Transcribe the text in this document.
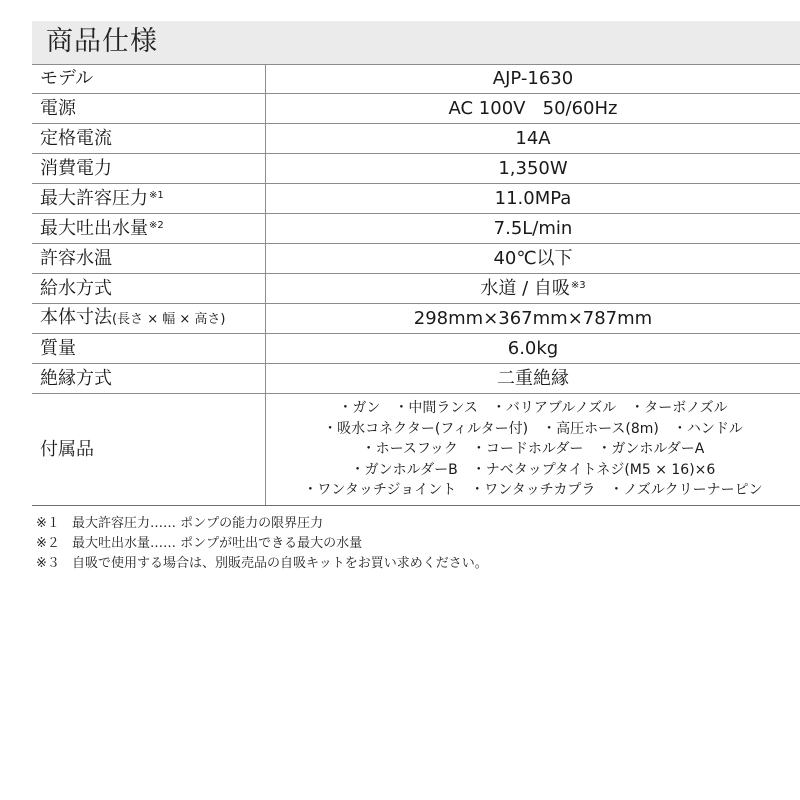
商品仕様
モデル	AJP-1630
電源	AC 100V   50/60Hz
定格電流	14A
消費電力	1,350W
最大許容圧力$^{※1}$	11.0MPa
最大吐出水量$^{※2}$	7.5L/min
許容水温	40℃以下
給水方式	水道 / 自吸$^{※3}$
本体寸法(長さ × 幅 × 高さ)	298mm×367mm×787mm
質量	6.0kg
絶縁方式	二重絶縁
付属品	・ガン　・中間ランス　・バリアブルノズル　・ターボノズル
・吸水コネクター(フィルター付)　・高圧ホース(8m)　・ハンドル
・ホースフック　・コードホルダー　・ガンホルダーA
・ガンホルダーB　・ナベタップタイトネジ(M5 × 16)×6
・ワンタッチジョイント　・ワンタッチカプラ　・ノズルクリーナーピン
※１ 最大許容圧力…… ポンプの能力の限界圧力
※２ 最大吐出水量…… ポンプが吐出できる最大の水量
※３ 自吸で使用する場合は、別販売品の自吸キットをお買い求めください。
